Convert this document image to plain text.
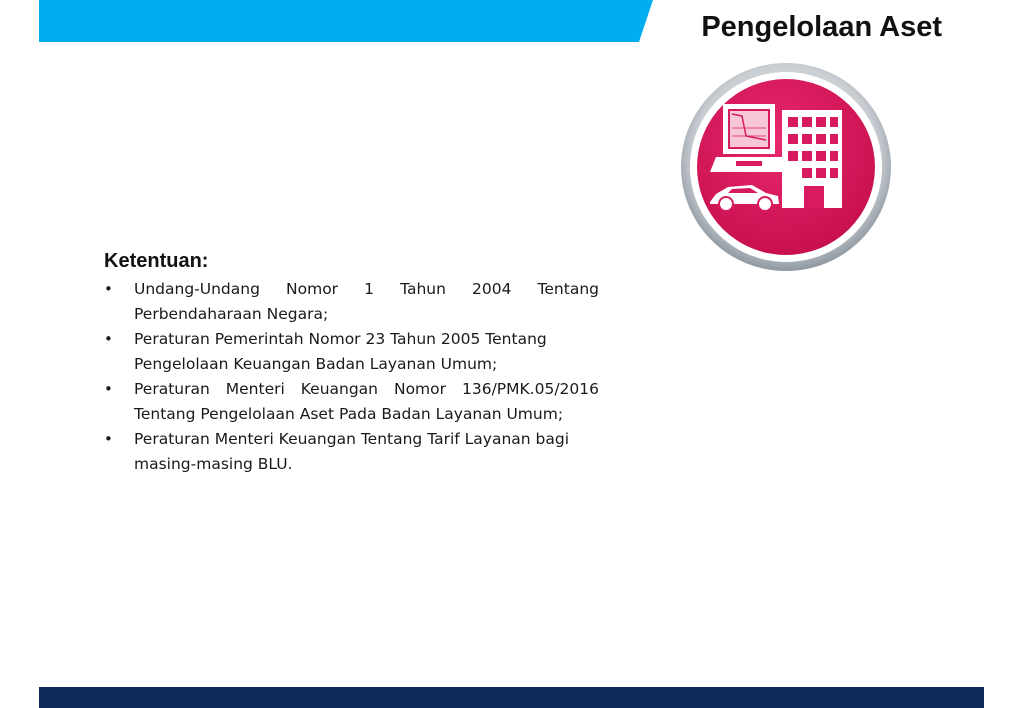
Pengelolaan Aset
Ketentuan:
• Undang-Undang Nomor 1 Tahun 2004 Tentang Perbendaharaan Negara;
• Peraturan Pemerintah Nomor 23 Tahun 2005 Tentang Pengelolaan Keuangan Badan Layanan Umum;
• Peraturan Menteri Keuangan Nomor 136/PMK.05/2016 Tentang Pengelolaan Aset Pada Badan Layanan Umum;
• Peraturan Menteri Keuangan Tentang Tarif Layanan bagi masing-masing BLU.
